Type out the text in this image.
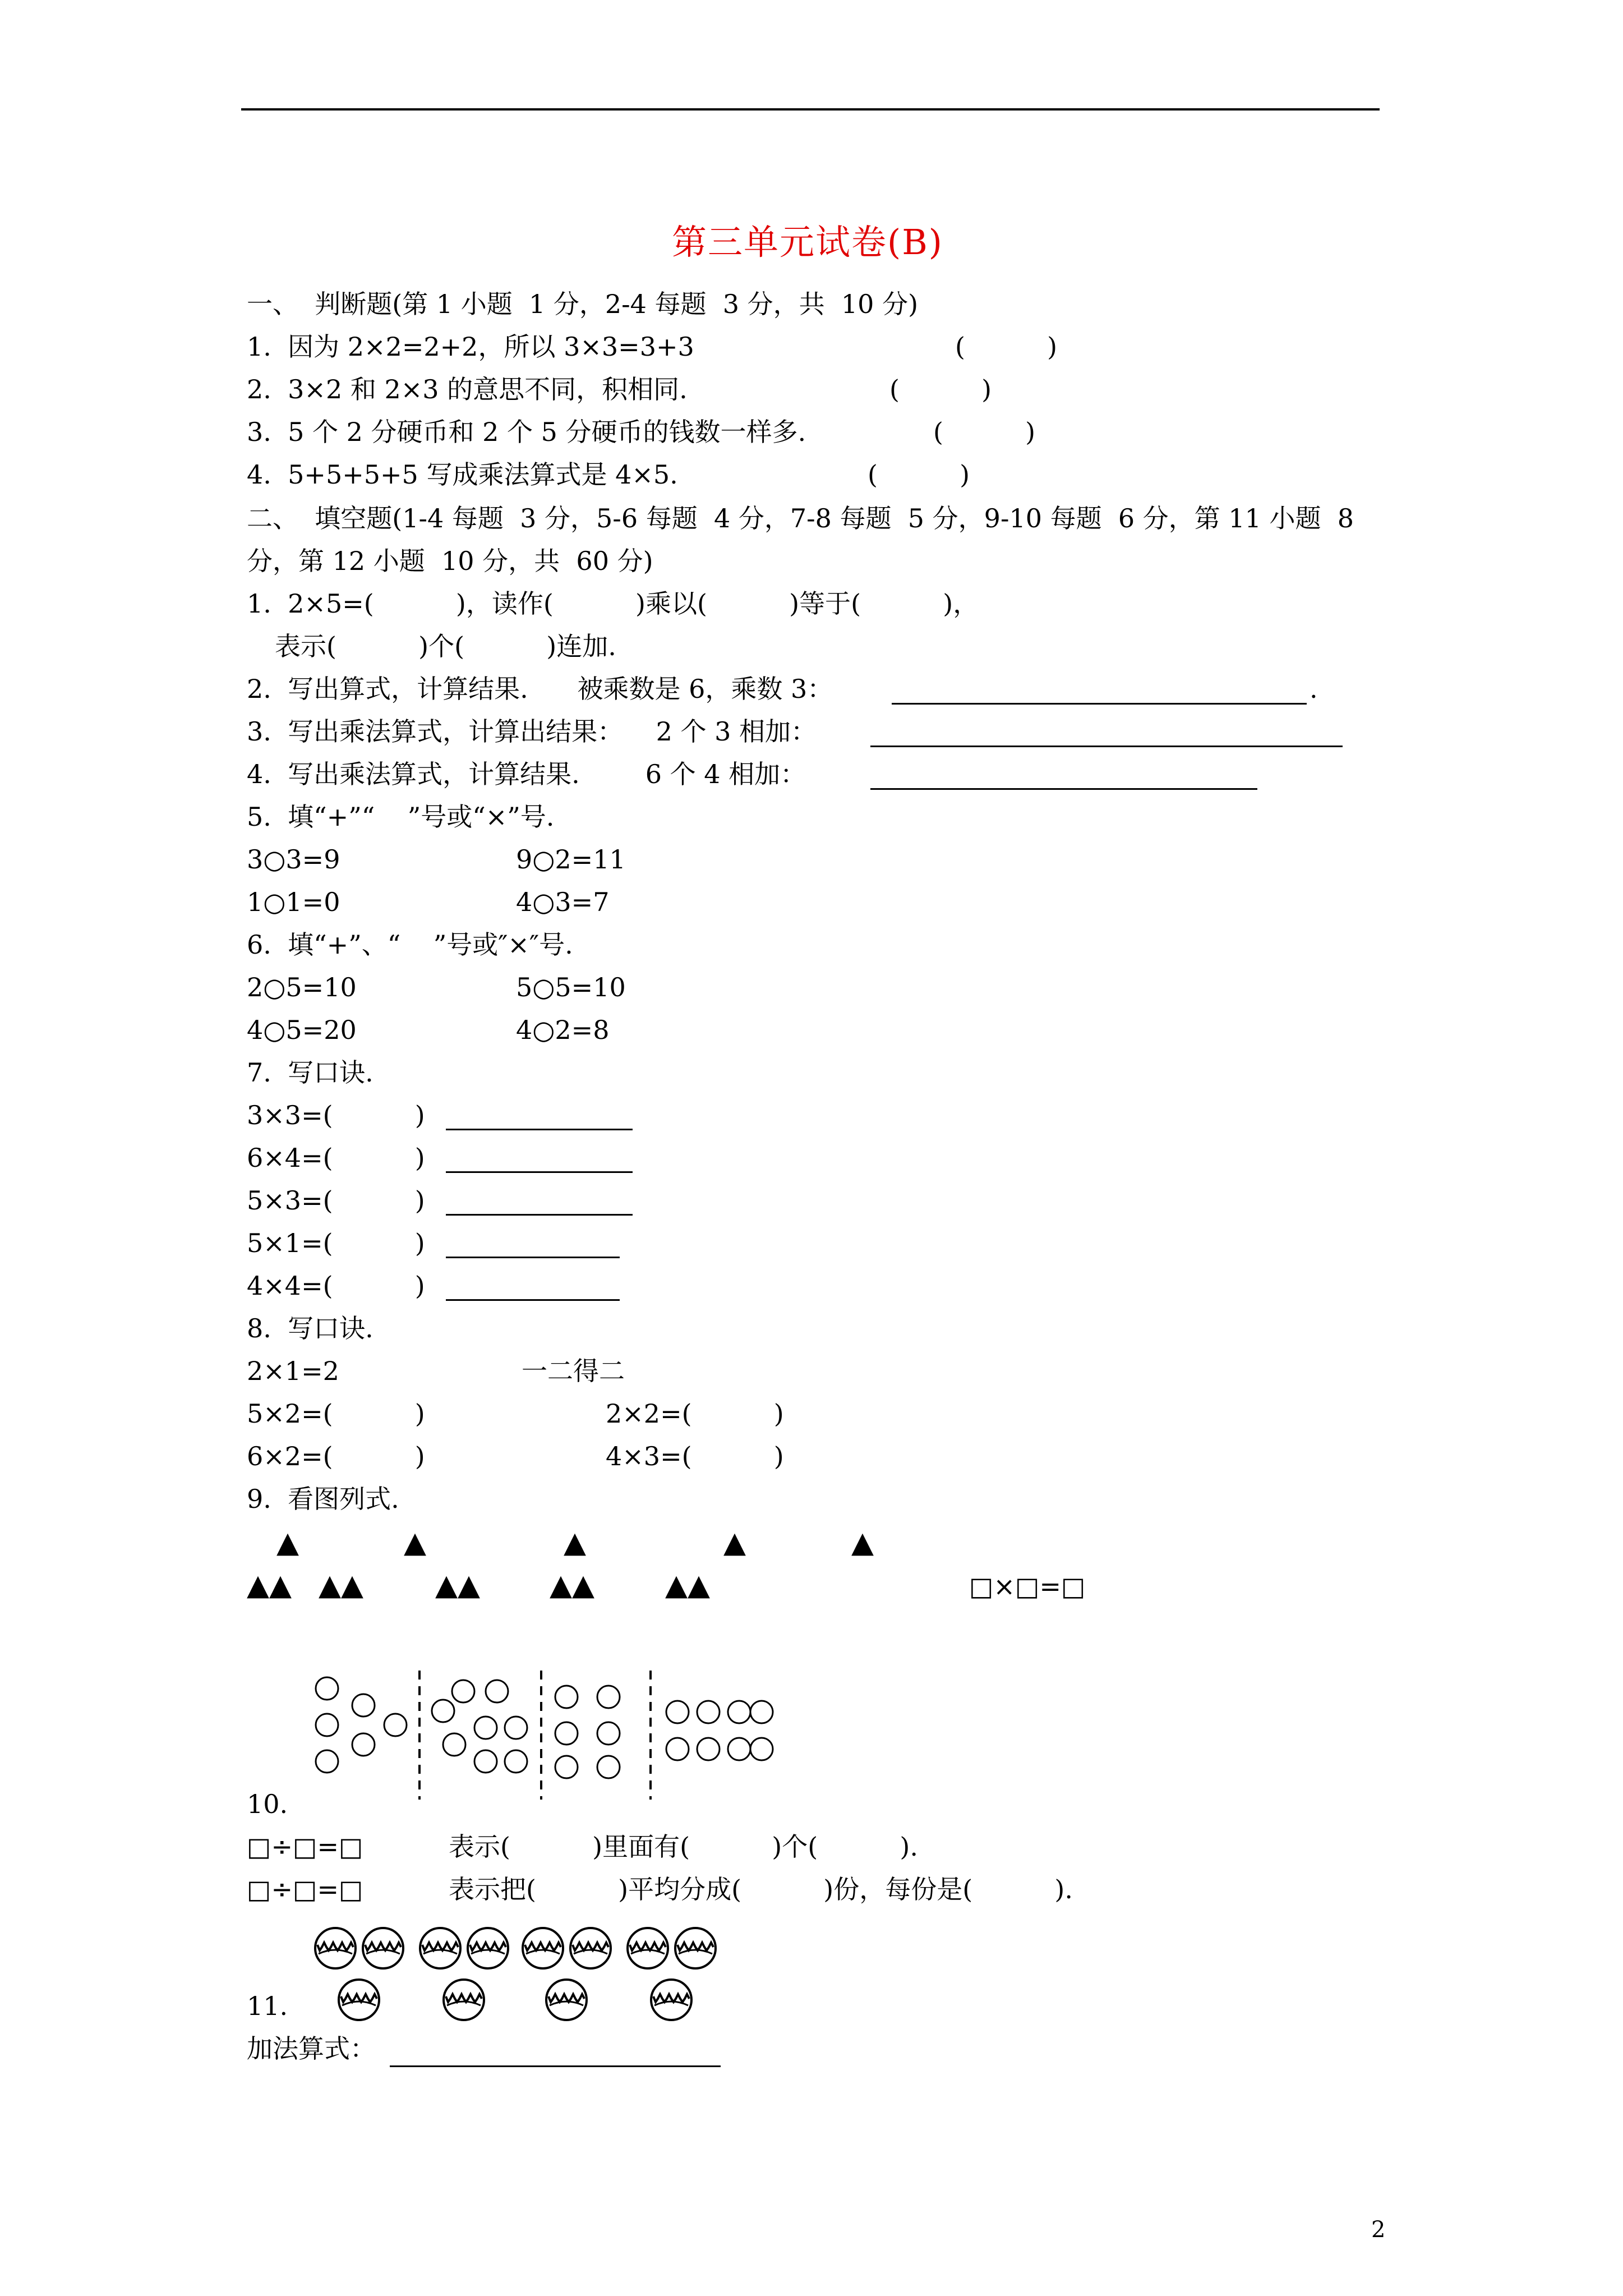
第三单元试卷(B)
一、  判断题(第 1 小题  1 分，2-4 每题  3 分，共  10 分)
1.  因为 2×2=2+2，所以 3×3=3+3	(          )
2.  3×2 和 2×3 的意思不同，积相同.	(          )
3.  5 个 2 分硬币和 2 个 5 分硬币的钱数一样多.	(          )
4.  5+5+5+5 写成乘法算式是 4×5.	(          )
二、  填空题(1-4 每题  3 分，5-6 每题  4 分，7-8 每题  5 分，9-10 每题  6 分，第 11 小题  8
分，第 12 小题  10 分，共  60 分)
1.  2×5=(          )，读作(          )乘以(          )等于(          )，
表示(          )个(          )连加.
2.  写出算式，计算结果.      被乘数是 6，乘数 3：	.
3.  写出乘法算式，计算出结果：    2 个 3 相加：
4.  写出乘法算式，计算结果.        6 个 4 相加：
5.  填“+”“    ”号或“×”号.
3○3=9	9○2=11
1○1=0	4○3=7
6.  填“+”、“    ”号或″×″号.
2○5=10	5○5=10
4○5=20	4○2=8
7.  写口诀.
3×3=(          )
6×4=(          )
5×3=(          )
5×1=(          )
4×4=(          )
8.  写口诀.
2×1=2	一二得二
5×2=(          )	2×2=(          )
6×2=(          )	4×3=(          )
9.  看图列式.
▲	▲	▲	▲	▲
▲▲ ▲▲ ▲▲ ▲▲ ▲▲	□×□=□
10.
□÷□=□	表示(          )里面有(          )个(          ).
□÷□=□	表示把(          )平均分成(          )份，每份是(          ).
11.
加法算式：
2
